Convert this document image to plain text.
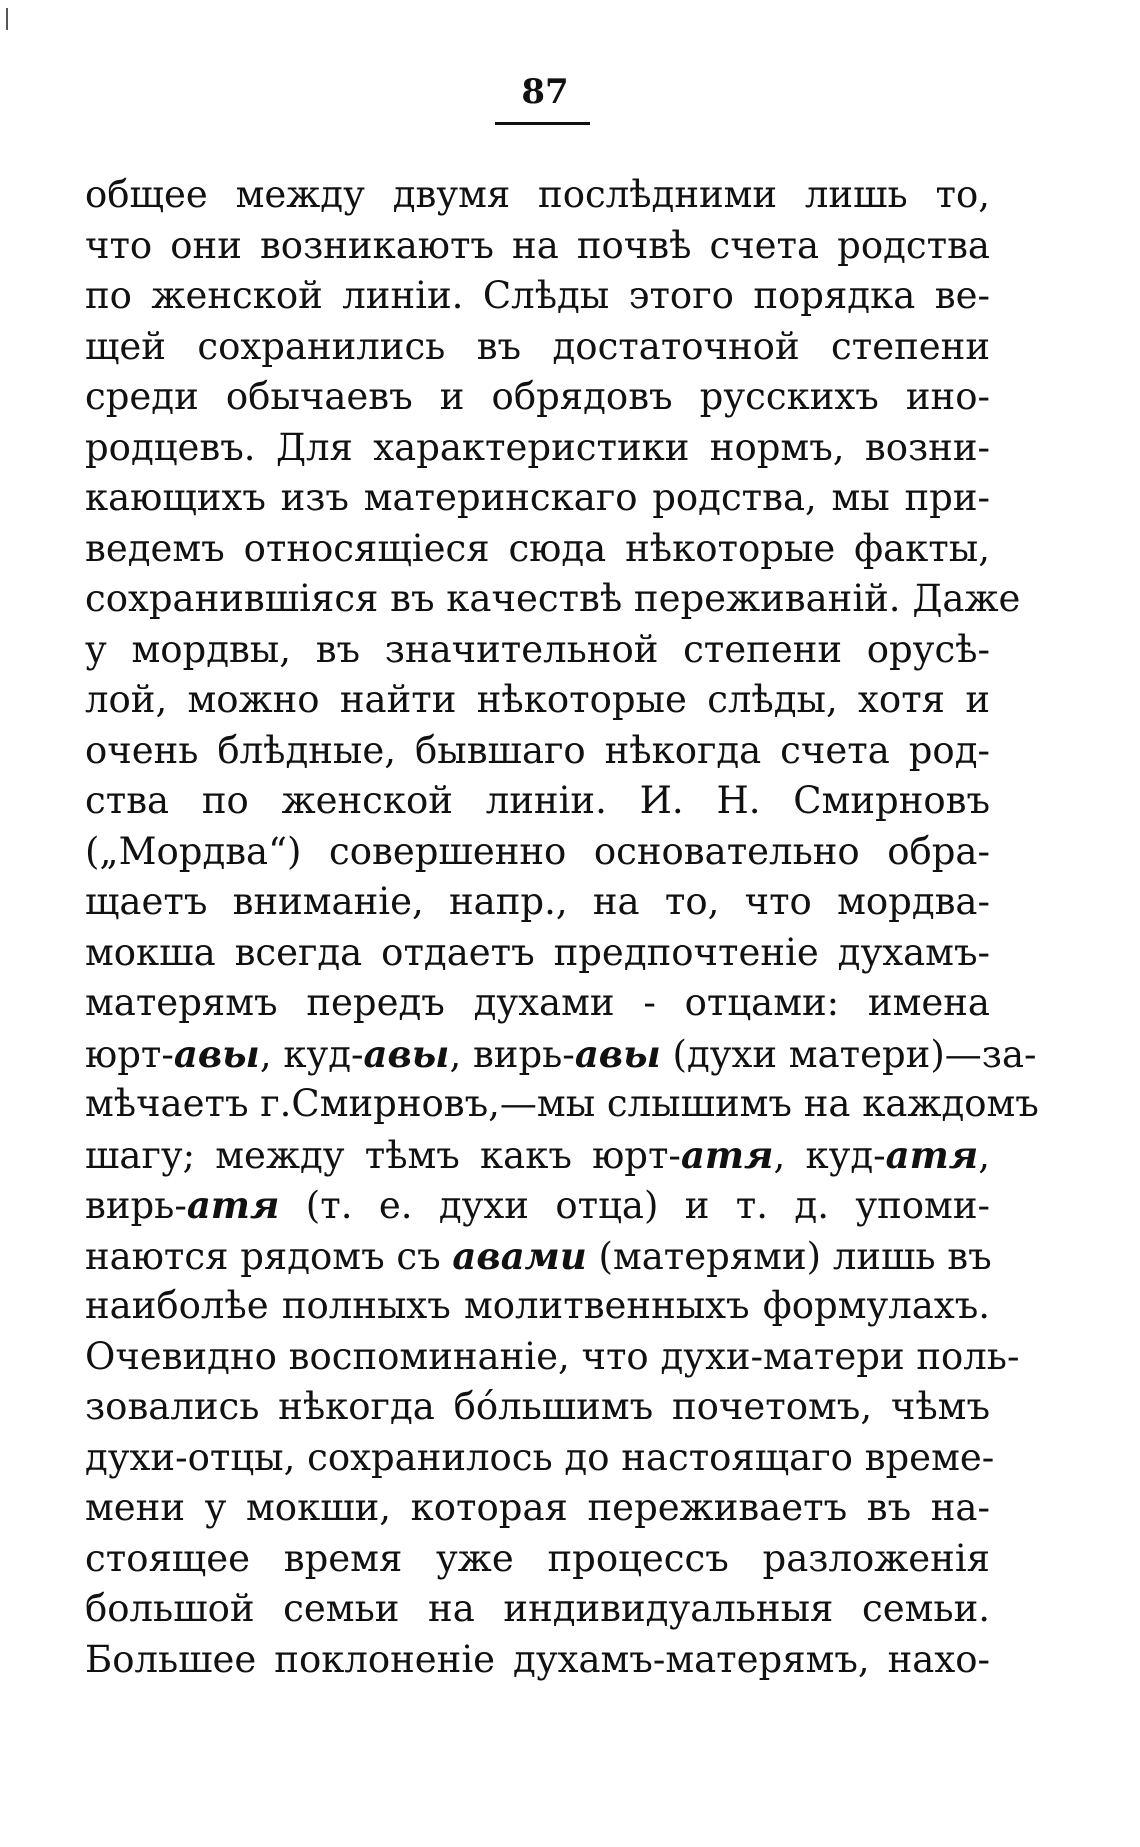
87
общее между двумя послѣдними лишь то,
что они возникаютъ на почвѣ счета родства
по женской линіи. Слѣды этого порядка ве-
щей сохранились въ достаточной степени
среди обычаевъ и обрядовъ русскихъ ино-
родцевъ. Для характеристики нормъ, возни-
кающихъ изъ материнскаго родства, мы при-
ведемъ относящіеся сюда нѣкоторые факты,
сохранившіяся въ качествѣ переживаній. Даже
у мордвы, въ значительной степени орусѣ-
лой, можно найти нѣкоторые слѣды, хотя и
очень блѣдные, бывшаго нѣкогда счета род-
ства по женской линіи. И. Н. Смирновъ
(„Мордва“) совершенно основательно обра-
щаетъ вниманіе, напр., на то, что мордва-
мокша всегда отдаетъ предпочтеніе духамъ-
матерямъ передъ духами - отцами: имена
юрт-авы, куд-авы, вирь-авы (духи матери)—за-
мѣчаетъ г.Смирновъ,—мы слышимъ на каждомъ
шагу; между тѣмъ какъ юрт-атя, куд-атя,
вирь-атя (т. е. духи отца) и т. д. упоми-
наются рядомъ съ авами (матерями) лишь въ
наиболѣе полныхъ молитвенныхъ формулахъ.
Очевидно воспоминаніе, что духи-матери поль-
зовались нѣкогда бо́льшимъ почетомъ, чѣмъ
духи-отцы, сохранилось до настоящаго време-
мени у мокши, которая переживаетъ въ на-
стоящее время уже процессъ разложенія
большой семьи на индивидуальныя семьи.
Большее поклоненіе духамъ-матерямъ, нахо-
